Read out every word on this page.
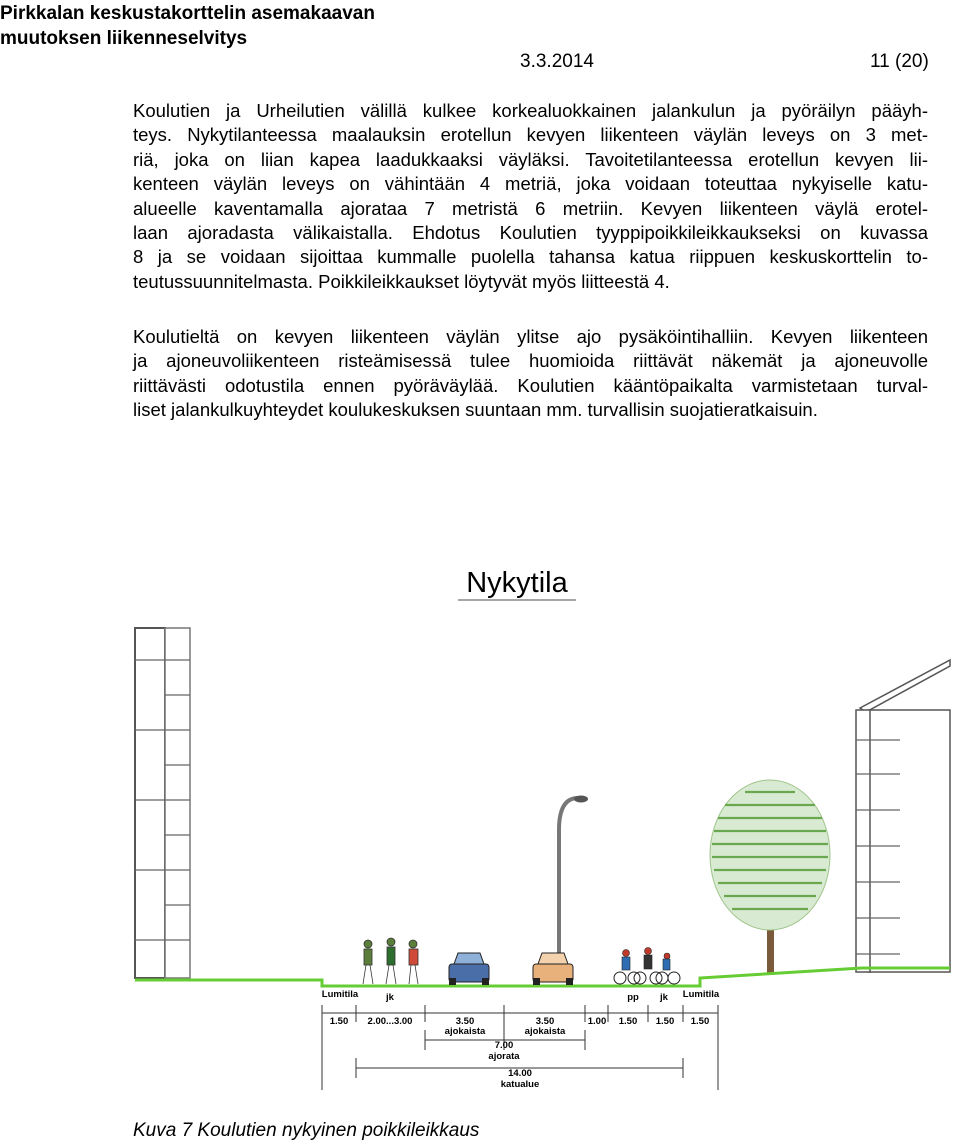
Pirkkalan keskustakorttelin asemakaavan
muutoksen liikenneselvitys
3.3.2014	11 (20)
Koulutien ja Urheilutien välillä kulkee korkealuokkainen jalankulun ja pyöräilyn pääyh-
teys. Nykytilanteessa maalauksin erotellun kevyen liikenteen väylän leveys on 3 met-
riä, joka on liian kapea laadukkaaksi väyläksi. Tavoitetilanteessa erotellun kevyen lii-
kenteen väylän leveys on vähintään 4 metriä, joka voidaan toteuttaa nykyiselle katu-
alueelle kaventamalla ajorataa 7 metristä 6 metriin. Kevyen liikenteen väylä erotel-
laan ajoradasta välikaistalla. Ehdotus Koulutien tyyppipoikkileikkaukseksi on kuvassa
8 ja se voidaan sijoittaa kummalle puolella tahansa katua riippuen keskuskorttelin to-
teutussuunnitelmasta. Poikkileikkaukset löytyvät myös liitteestä 4.
Koulutieltä on kevyen liikenteen väylän ylitse ajo pysäköintihalliin. Kevyen liikenteen
ja ajoneuvoliikenteen risteämisessä tulee huomioida riittävät näkemät ja ajoneuvolle
riittävästi odotustila ennen pyöräväylää. Koulutien kääntöpaikalta varmistetaan turval-
liset jalankulkuyhteydet koulukeskuksen suuntaan mm. turvallisin suojatieratkaisuin.
Nykytila
Lumitila	jk	pp jk Lumitila
1.50 2.00...3.00	3.50	3.50	1.00 1.50 1.50 1.50
ajokaista	ajokaista
7.00
ajorata
14.00
katualue
Kuva 7 Koulutien nykyinen poikkileikkaus
